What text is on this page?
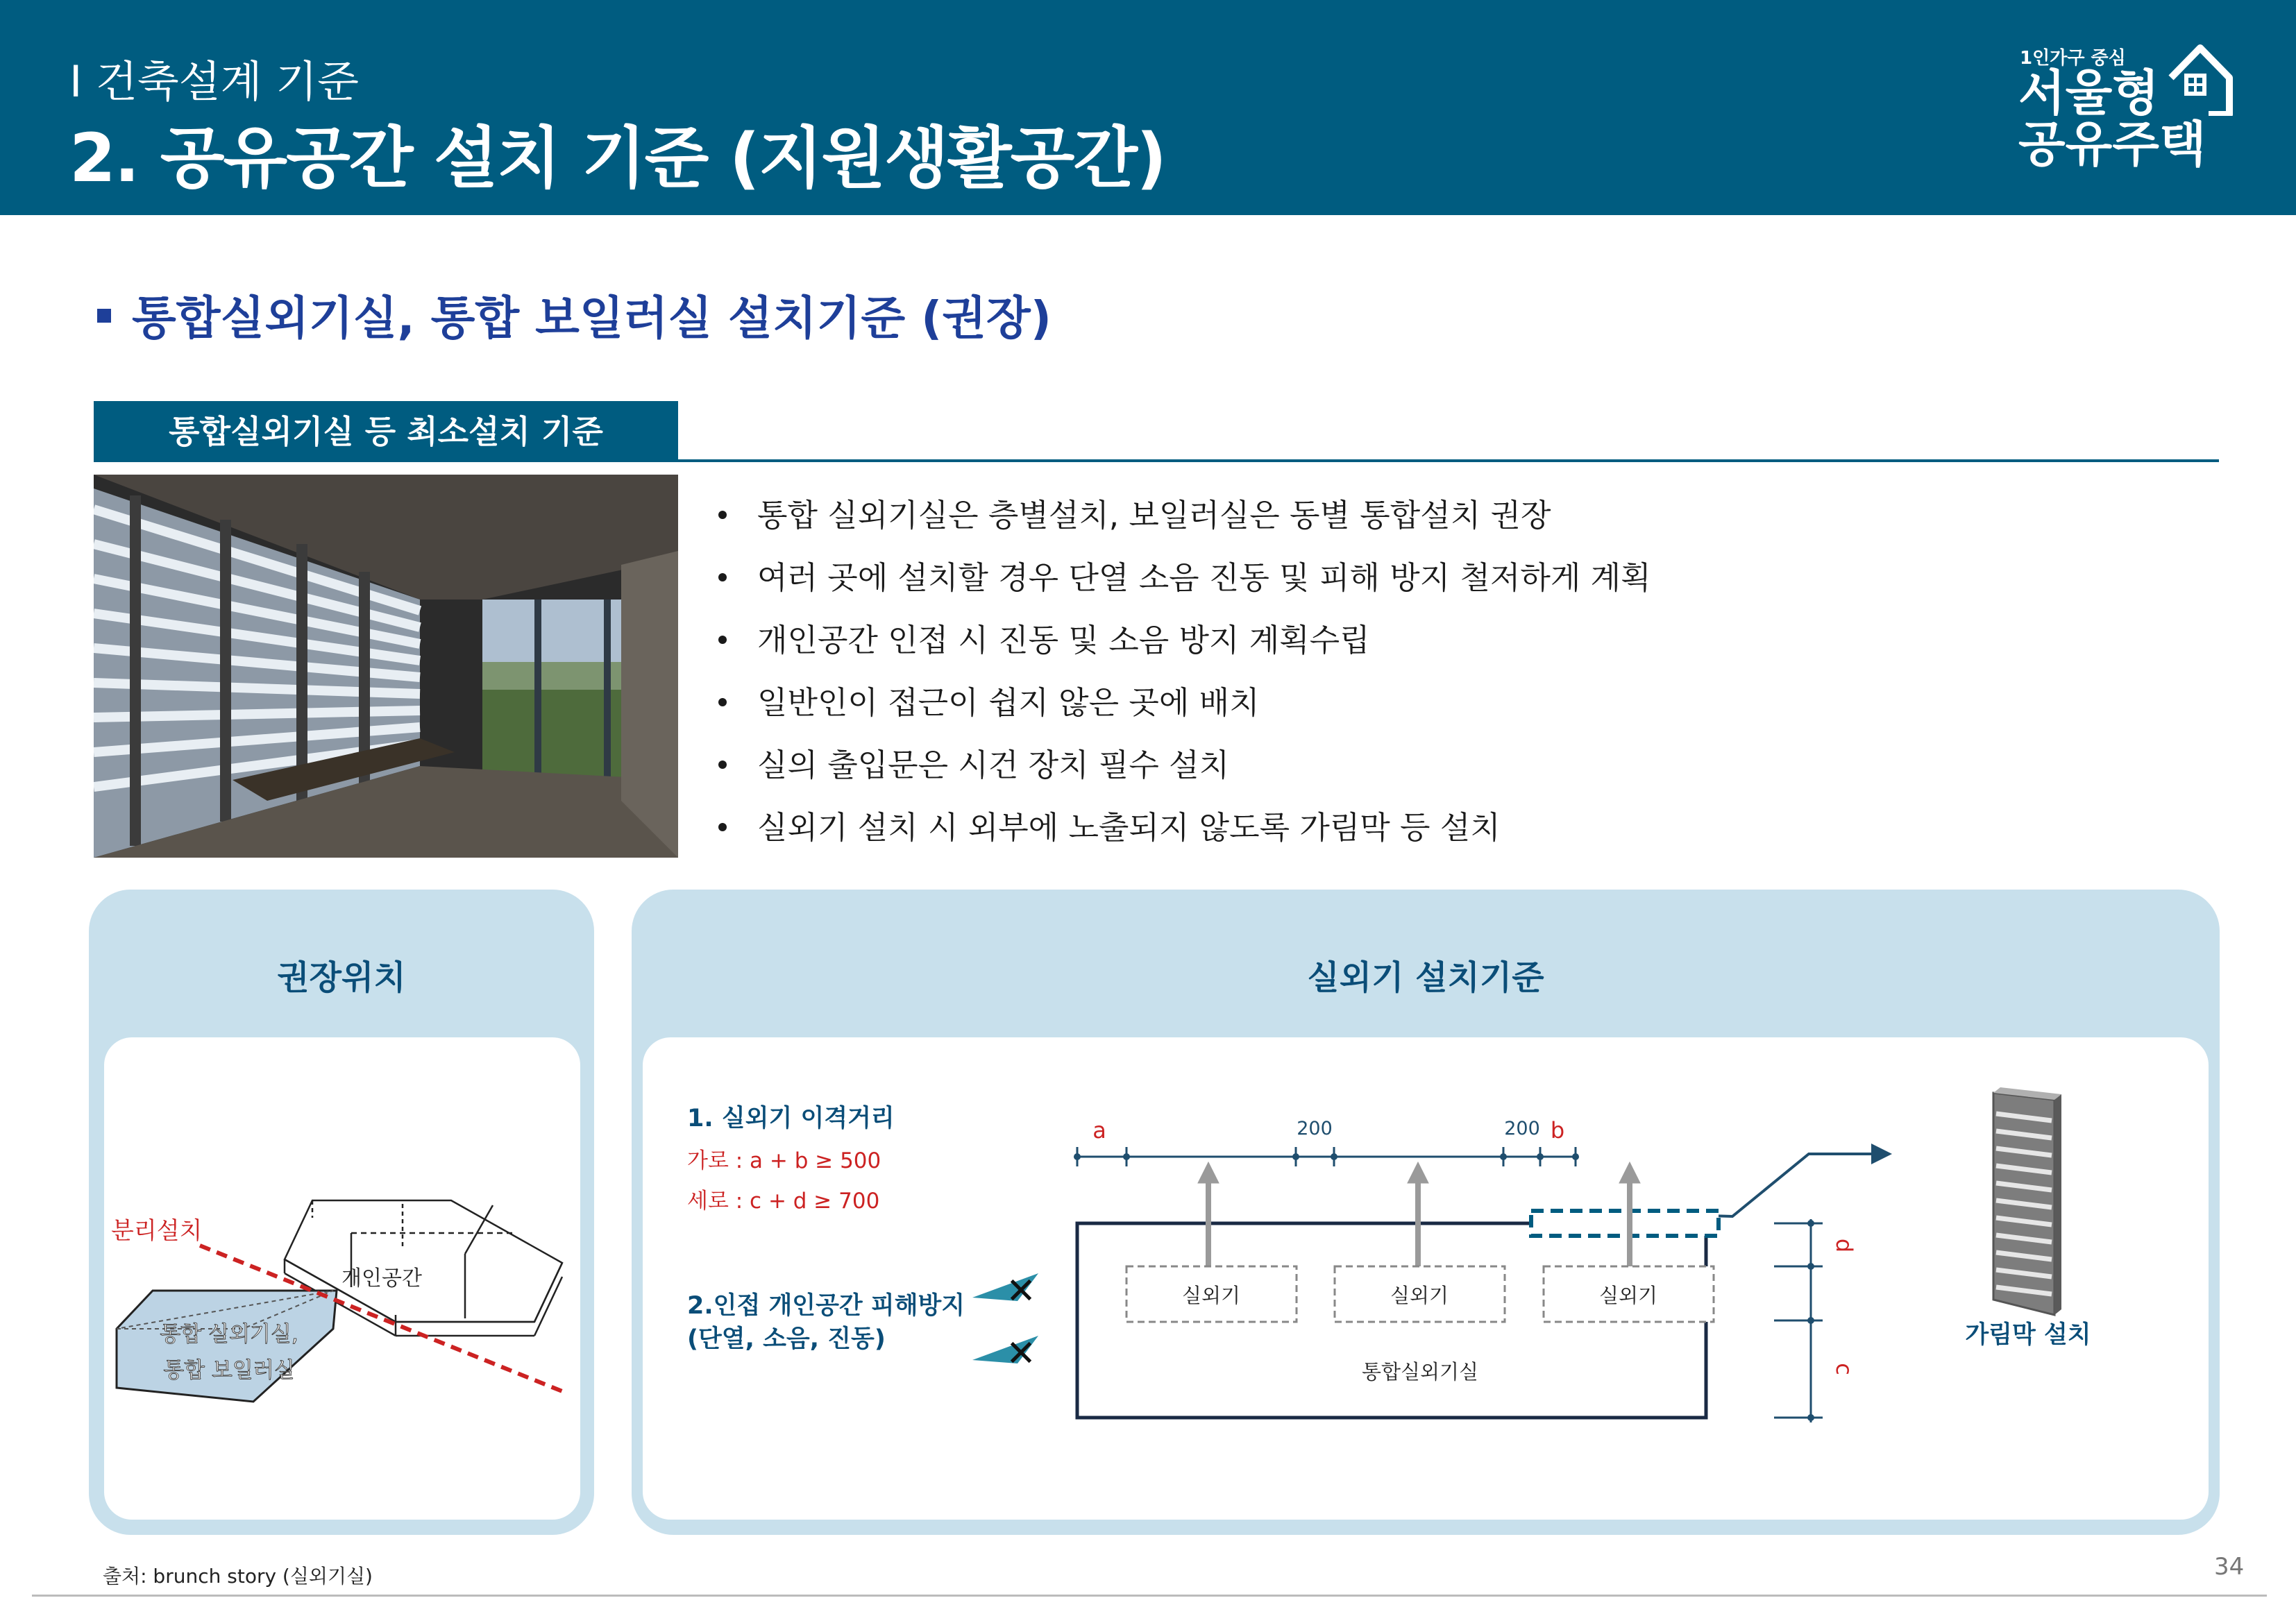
I 건축설계 기준
2. 공유공간 설치 기준 (지원생활공간)
1인가구 중심
서울형
공유주택
통합실외기실, 통합 보일러실 설치기준 (권장)
통합실외기실 등 최소설치 기준
통합 실외기실은 층별설치, 보일러실은 동별 통합설치 권장
여러 곳에 설치할 경우 단열 소음 진동 및 피해 방지 철저하게 계획
개인공간 인접 시 진동 및 소음 방지 계획수립
일반인이 접근이 쉽지 않은 곳에 배치
실의 출입문은 시건 장치 필수 설치
실외기 설치 시 외부에 노출되지 않도록 가림막 등 설치
권장위치
개인공간
통합 실외기실,
통합 보일러실
분리설치
실외기 설치기준
1. 실외기 이격거리
가로 : a + b ≥ 500
세로 : c + d ≥ 700
2.인접 개인공간 피해방지
(단열, 소음, 진동)
✕
✕
a	b
200	200
d
c
실외기	실외기	실외기
통합실외기실
가림막 설치
출처: brunch story (실외기실)	34
